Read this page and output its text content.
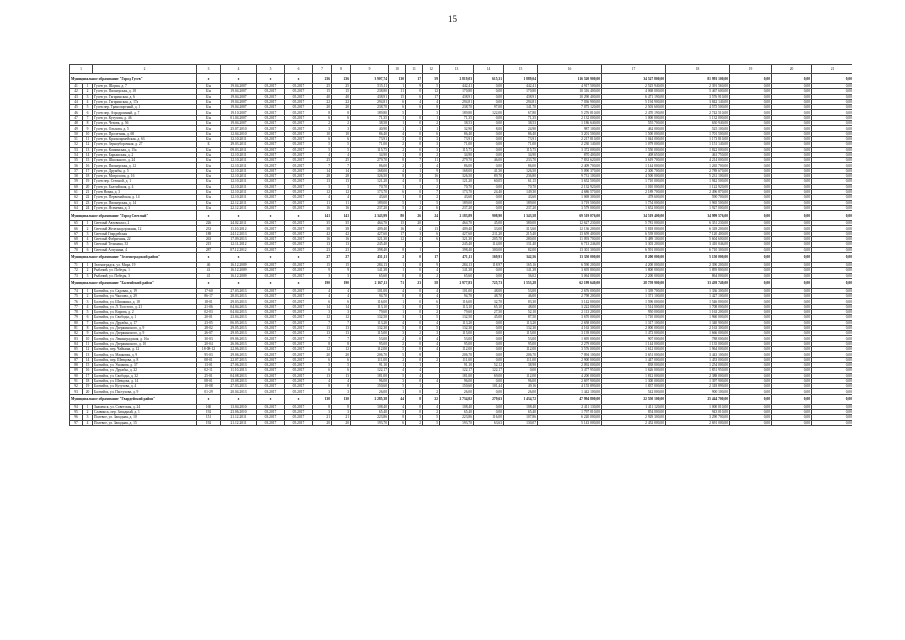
15
1		2	3	4	5	6	7	8	9	10	11	12	13	14	15	16	17	18	19	20	21
Муниципальное образование "Город Гусев"			x	x	x	x	236	236	3 907,74	130	17	59	2 819,03	615,31	1 889,04	116 520 900,00	34 527 800,00	81 993 100,00	0,00	0,00	0,00
41	1	Гусев ул. Шорна, д. 7	Б/н	19.04.2007	03.2017	05.2017	25	25	515,11	1	9	5	442,41	0,00	442,41	4 917 500,00	2 525 940,00	2 391 560,00	0,00	0,00	0,00
42	2	Гусев ул. Пионерская, д. 18	Б/н	19.04.2007	03.2017	05.2017	15	15	238,80	11	0	12	170,80	0,00	170,80	10 316 400,00	4 068 000,00	5 467 600,00	0,00	0,00	0,00
43	3	Гусев ул. Гагаринская, д. 6	Б/н	19.04.2007	03.2017	05.2017	40	40	438,91	15	6	17	438,91	0,00	438,91	10 290 400,00	6 471 190,00	3 576 910,00	0,00	0,00	0,00
44	4	Гусев ул. Гагаринская, д. 17а	Б/н	19.04.2007	03.2017	05.2017	22	22	294,81	6	4	4	294,81	0,00	294,81	7 036 900,00	5 194 900,00	3 842 140,00	0,00	0,00	0,00
45	5	Гусев пер. Транспортный, д. 1	Б/н	19.04.2007	03.2017	05.2017	20	20	238,70	6	6	8	238,70	97,00	141,70	7 075 120,00	2 503 600,00	4 575 500,00	0,00	0,00	0,00
46	6	Гусев пер. Аэродромный, д. 7	Б/н	19.10.2007	03.2017	05.2017	8	8	189,80	5		3	189,80	122,00	67,80	5 276 810,00	2 470 190,00	2 742 510,00	0,00	0,00	0,00
47	7	Гусев ул. Кутузова, д. 46	Б/н	01.04.2007	03.2017	05.2017	6	6	71,35	1	0	1	71,35	0,00	71,35	2 132 000,00	1 000 000,00	1 132 000,00	0,00	0,00	0,00
48	8	Гусев ул. Чехова, д. 56	Б/н	19.04.2007	03.2017	05.2017	2	2	38,58	1	0	2	38,53	0,00	38,53	1 186 640,00	555 700,00	630 940,00	0,00	0,00	0,00
49	9	Гусев ул. Ольхова, д. 5	Б/н	25.07.2010	03.2017	05.2017	3	3	40,90	1	1	1	32,90	8,00	24,90	987 100,00	462 000,00	525 100,00	0,00	0,00	0,00
50	10	Гусев ул. Пролетная, д. 68	Б/н	12.04.2010	03.2017	05.2017	10	10	86,40	4	0	6	86,40	0,00	86,40	3 201 500,00	1 500 000,00	1 701 500,00	0,00	0,00	0,00
51	11	Гусев ул. Красноармейская, д. 63	Б/н	12.10.2011	03.2017	05.2017	6	6	73,91	3	0	3	73,91	0,00	73,91	2 217 810,00	1 044 000,00	1 173 810,00	0,00	0,00	0,00
52	12	Гусев ул. Зерноуборочная, д. 27	Б	29.03.2011	03.2017	05.2017	5	5	71,00	2	0	3	71,00	0,00	71,00	2 230 140,00	1 079 000,00	1 151 140,00	0,00	0,00	0,00
53	13	Гусев ул. Кашинская, д. 15а	Б/н	09.03.2011	03.2017	05.2017	5	5	115,75	2	0	3	115,75	0,00	115,75	3 372 000,00	1 550 000,00	1 822 000,00	0,00	0,00	0,00
54	14	Гусев ул. Барышская, д. 2	Б/н	12.10.2011	03.2017	05.2017	4	4	34,90	1	0	2	34,90	0,00	34,90	870 400,00	408 650,00	461 750,00	0,00	0,00	0,00
55	15	Гусев ул. Школьного, д. 24	Б/н	12.10.2011	03.2017	05.2017	25	25	279,70	8	7	11	279,70	46,00	233,70	7 833 620,00	3 619 700,00	4 214 000,00	0,00	0,00	0,00
56	16	Гусев ул. Пионерская, д. 12	Б/н	12.10.2011	03.2017	05.2017	7	7	86,00	2	1	4	86,00	0,00	86,00	2 409 700,00	1 144 000,00	1 265 700,00	0,00	0,00	0,00
57	17	Гусев ул. Дружбы, д. 5	Б/н	12.10.2011	03.2017	05.2017	14	14	168,00	4	1	9	168,00	41,50	126,50	5 090 370,00	2 300 700,00	2 789 670,00	0,00	0,00	0,00
58	18	Гусев ул. Матросова, д. 16	Б/н	12.10.2011	03.2017	05.2017	28	28	326,50	8	3	16	326,50	89,70	236,80	9 731 100,00	4 500 000,00	5 231 100,00	0,00	0,00	0,00
59	19	Гусев пер. Степной, д. 1	Б/н	12.10.2011	03.2017	05.2017	13	13	121,20	4	0	5	121,20	60,05	61,15	3 652 500,00	1 710 000,00	1 942 500,00	0,00	0,00	0,00
60	20	Гусев ул. Балтийская, д. 4	Б/н	12.10.2011	03.2017	05.2017	3	3	70,70	1	1	2	70,70	0,00	70,70	2 132 920,00	1 010 000,00	1 122 920,00	0,00	0,00	0,00
61	21	Гусев Новая, д. 3	Б/н	12.10.2011	03.2017	05.2017	12	12	173,70	6	0	7	173,70	24,40	149,30	4 686 570,00	2 189 700,00	2 496 870,00	0,00	0,00	0,00
62	22	Гусев ул. Первомайская, д. 14	Б/н	12.10.2011	03.2017	05.2017	4	4	43,60	1	0	2	43,60	0,00	43,60	1 069 300,00	478 600,00	590 700,00	0,00	0,00	0,00
63	23	Гусев ул. Пионерская, д. 14	Б/н	22.12.2011	03.2017	05.2017	11	11	189,00	5	1	5	189,00	0,00	189,00	3 719 500,00	1 754 000,00	1 965 500,00	0,00	0,00	0,00
64	24	Гусев ул. Ясеневая, д. 3	Б/н	22.12.2011	03.2017	05.2017	16	16	237,20	5	2	6	237,20	0,00	237,20	3 579 000,00	1 652 000,00	1 927 000,00	0,00	0,00	0,00
Муниципальное образование "Город Светлый"			x	x	x	x	141	141	2 343,99	80	26	24	2 183,89	908,90	1 343,58	69 519 076,00	34 519 400,00	34 999 576,00	0,00	0,00	0,00
65	1	Светлый Автовокзал, 2	226	24.02.2011	03.2017	05.2017	35	35	464,70	15	20		464,70	45,00	380,00	12 627 230,00	5 781 000,00	6 351 230,00	0,00	0,00	0,00
66	2	Светлый Железнодорожная, 12	233	11.10.2012	03.2017	05.2017	38	38	409,40	16	4	13	409,40	33,00	313,60	12 136 200,00	5 818 000,00	6 318 200,00	0,00	0,00	0,00
67	3	Светлый Гвардейская	188	24.12.2013	03.2017	05.2017	42	42	427,60	17	3	6	427,60	211,20	215,40	13 659 400,00	6 539 000,00	7 120 400,00	0,00	0,00	0,00
68	4	Светлый Фабричная, 22	263	17.09.2013	03.2017	05.2017	16	16	321,30	12	4	6	321,30	205,70	280,00	11 093 700,00	5 489 100,00	5 604 600,00	0,00	0,00	0,00
69	5	Светлый Тельмана, 33	215	12.11.2012	03.2017	05.2017	13	13	245,40				245,40	114,00	131,40	6 713 246,00	3 303 200,00	3 410 046,00	0,00	0,00	0,00
70	6	Светлый Алтунина, 4	287	07.12.2012	03.2017	05.2017	23	23	398,40	8	1		398,40	300,00	82,00	13 301 300,00	6 591 000,00	6 710 300,00	0,00	0,00	0,00
Муниципальное образование "Зеленоградский район"			x	x	x	x	27	27	451,11	2	0	17	471,11	169,91	342,56	13 350 000,00	8 200 000,00	5 150 000,00	0,00	0,00	0,00
71	1	Зеленоградск, ул. Мира, 19	46	16.12.2009	03.2017	05.2017	15	15	284,13	1	0	9	284,13	118,97	165,16	6 590 200,00	4 200 000,00	2 390 200,00	0,00	0,00	0,00
72	2	Рыбачий, ул. Победы, 1	41	16.12.2009	03.2017	05.2017	9	9	141,38	1	0	4	141,38	0,00	141,38	3 695 800,00	1 800 000,00	1 895 800,00	0,00	0,00	0,00
73	3	Рыбачий, ул. Победы, 3	41	16.12.2009	03.2017	05.2017	3	3	65,60	0	0	2	65,60	0,00	36,02	3 064 000,00	2 200 000,00	864 000,00	0,00	0,00	0,00
Муниципальное образование "Балтийский район"			x	x	x	x	190	190	2 167,11	71	23	58	2 977,83	725,73	1 553,28	62 199 640,00	28 759 900,00	33 439 740,00	0,00	0,00	0,00
74	1	Балтийск, ул. Садовая, д. 19	17-60	27.03.2013	03.2017	05.2017	4	4	101,00	4	0	4	101,00	48,00	53,00	2 676 000,00	1 339 700,00	1 336 300,00	0,00	0,00	0,00
75	2	Балтийск, ул. Чкалова, д. 29	86-17	28.03.2013	03.2017	05.2017	4	4	94,70	0	0	4	94,70	48,70	46,00	2 798 200,00	1 371 100,00	1 427 100,00	0,00	0,00	0,00
76	3	Балтийск, ул. Шишкина, д. 18	18-01	29.03.2013	03.2017	05.2017	6	6	116,00	1	0	6	116,00	32,70	83,30	3 142 000,00	1 596 000,00	1 546 000,00	0,00	0,00	0,00
77	4	Балтийск, ул. Л. Толстого, д. 21	21-06	04.04.2013	03.2017	05.2017	14	14	113,10	3	0	3	113,10	65,10	48,00	3 222 000,00	1 514 000,00	1 708 000,00	0,00	0,00	0,00
78	5	Балтийск, ул. Кирова, д. 2	02-03	04.04.2013	03.2017	05.2017	3	3	79,60	1	0	2	79,60	27,50	52,10	2 113 200,00	950 000,00	1 163 200,00	0,00	0,00	0,00
79	6	Балтийск, ул. Свободы, д. 1	20-01	23.04.2013	03.2017	05.2017	12	12	132,50	3	1	5	132,50	45,00	87,50	3 670 000,00	1 710 000,00	1 960 000,00	0,00	0,00	0,00
80	7	Балтийск, ул. Дружбы, д. 17	23-05	06.05.2013	03.2017	05.2017	7	7	113,20	4	0	4	113,20	0,00	113,20	2 658 000,00	1 317 100,00	1 340 900,00	0,00	0,00	0,00
81	8	Балтийск, ул. Дзержинского, д. 9	28-02	29.05.2013	03.2017	05.2017	13	13	132,30	5	0	5	132,30	0,00	132,30	4 163 300,00	2 000 000,00	2 163 300,00	0,00	0,00	0,00
82	9	Балтийск, ул. Дзержинского, д. 9	26-07	29.05.2013	03.2017	05.2017	13	13	115,00	3	2	3	115,00	0,00	115,00	3 139 000,00	1 473 000,00	1 666 000,00	0,00	0,00	0,00
83	10	Балтийск, ул. Ленинградская, д. 16а	30-03	09.06.2013	03.2017	05.2017	7	7	53,00	2	0	4	53,00	0,00	53,00	1 695 000,00	907 000,00	788 000,00	0,00	0,00	0,00
84	11	Балтийск, ул. Дзержинского, д. 10	20-04	26.06.2013	03.2017	05.2017	8	8	95,00	2	0	4	95,00	0,00	95,00	2 279 000,00	1 144 000,00	1 135 000,00	0,00	0,00	0,00
85	12	Балтийск, пер. Чайкина, д. 12	18-08-12	22.06.2013	03.2017	05.2017	12	12	112,00	5	0	4	112,00	0,00	112,00	3 576 000,00	1 612 000,00	1 964 000,00	0,00	0,00	0,00
86	13	Балтийск, ул. Маяковая, д. 9	95-03	29.06.2013	03.2017	05.2017	20	20	206,70	5	8		206,70	0,00	206,70	7 094 100,00	3 651 000,00	3 443 100,00	0,00	0,00	0,00
87	14	Балтийск, пер. Шевцова, д. 8	08-01	22.07.2013	03.2017	05.2017	6	6	111,00	2	0	2	111,00	0,00	111,00	2 900 000,00	1 447 000,00	1 453 000,00	0,00	0,00	0,00
88	15	Балтийск, ул. Ушакова, д. 37	13-01	27.06.2013	03.2017	05.2017	5	5	91,10	1	1		91,10	52,12	38,98	2 092 000,00	838 000,00	1 254 000,00	0,00	0,00	0,00
89	16	Балтийск, ул. Дружбы, д. 22	02-11	11.10.2013	03.2017	05.2017	6	6	122,17	4	4		122,17	122,17	0,00	3 477 950,00	1 626 000,00	1 851 950,00	0,00	0,00	0,00
90	17	Балтийск, ул. Свободы, д. 32	25-01	04.08.2013	03.2017	05.2017	13	13	181,00	5	4		181,00	69,00	112,00	4 200 000,00	1 812 000,00	2 388 000,00	0,00	0,00	0,00
91	18	Балтийск, ул. Шевцова, д. 14	08-01	15.08.2013	03.2017	05.2017	4	4	96,00	3	0	4	96,00	0,00	96,00	2 697 900,00	1 300 000,00	1 397 900,00	0,00	0,00	0,00
92	19	Балтийск, ул. Кутузова, д. 4	10-08	27.03.2013	03.2017	05.2017	8	8	150,60	5	1		150,60	101,44	49,16	4 155 890,00	1 837 000,00	2 318 890,00	0,00	0,00	0,00
93	20	Балтийск, ул. Пастухова, д. 9	01-29	20.04.2013	03.2017	05.2017	3	3	26,00	1	0	2	26,00	0,00	26,00	1 442 100,00	542 000,00	900 100,00	0,00	0,00	0,00
Муниципальное образование "Гвардейский район"			x	x	x	x	130	130	2 285,38	44	8	22	2 734,02	279,63	1 434,72	47 994 800,00	22 550 100,00	25 444 700,00	0,00	0,00	0,00
94	1	Знаменск, ул. Советская, д. 24	160	13.04.2010	03.2017	05.2017	8	8	108,40	4	0	4	108,40	0,00	108,40	2 411 130,00	1 411 120,00	1 000 010,00	0,00	0,00	0,00
95	2	Славинск, пер. Западный, д. 1	192	23.06.2010	03.2017	05.2017	3	3	65,40	3	0	2	65,40	0,00	65,40	1 797 010,00	854 000,00	943 010,00	0,00	0,00	0,00
96	3	Полевое, ул. Западная, д. 10	151	21.12.2011	03.2017	05.2017	21	21	223,86	8	3	5	223,86	116,00	107,86	6 220 000,00	2 929 300,00	3 290 700,00	0,00	0,00	0,00
97	4	Полевое, ул. Западная, д. 15	192	21.12.2011	03.2017	05.2017	20	20	193,70	6	2	5	193,70	63,63	130,07	5 143 000,00	2 452 000,00	2 691 000,00	0,00	0,00	0,00
